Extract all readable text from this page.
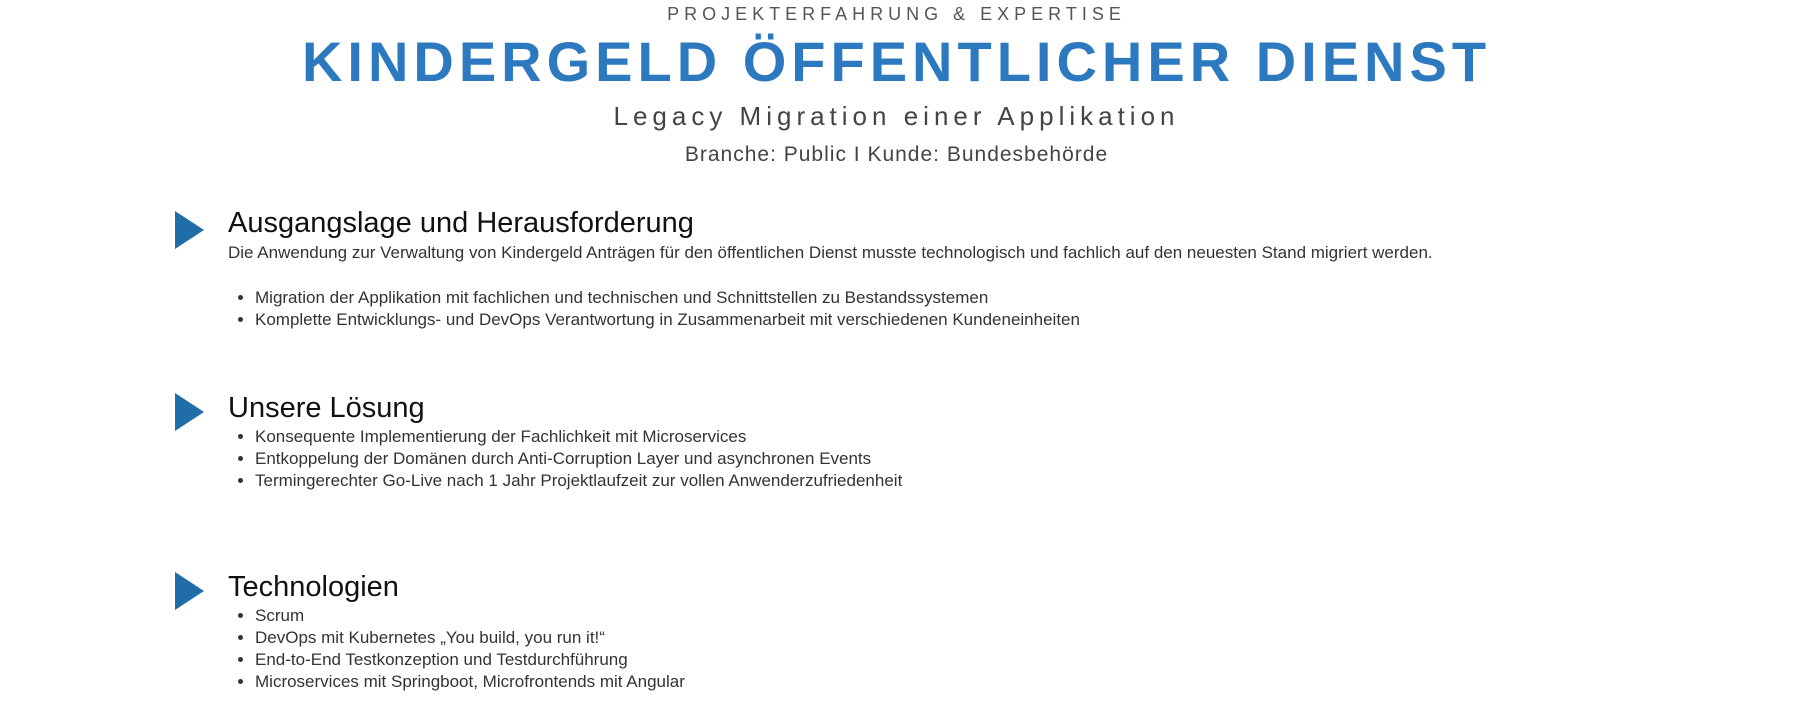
PROJEKTERFAHRUNG & EXPERTISE
KINDERGELD ÖFFENTLICHER DIENST
Legacy Migration einer Applikation
Branche: Public I Kunde: Bundesbehörde
Ausgangslage und Herausforderung
Die Anwendung zur Verwaltung von Kindergeld Anträgen für den öffentlichen Dienst musste technologisch und fachlich auf den neuesten Stand migriert werden.
• Migration der Applikation mit fachlichen und technischen und Schnittstellen zu Bestandssystemen
• Komplette Entwicklungs- und DevOps Verantwortung in Zusammenarbeit mit verschiedenen Kundeneinheiten
Unsere Lösung
• Konsequente Implementierung der Fachlichkeit mit Microservices
• Entkoppelung der Domänen durch Anti-Corruption Layer und asynchronen Events
• Termingerechter Go-Live nach 1 Jahr Projektlaufzeit zur vollen Anwenderzufriedenheit
Technologien
• Scrum
• DevOps mit Kubernetes „You build, you run it!“
• End-to-End Testkonzeption und Testdurchführung
• Microservices mit Springboot, Microfrontends mit Angular
